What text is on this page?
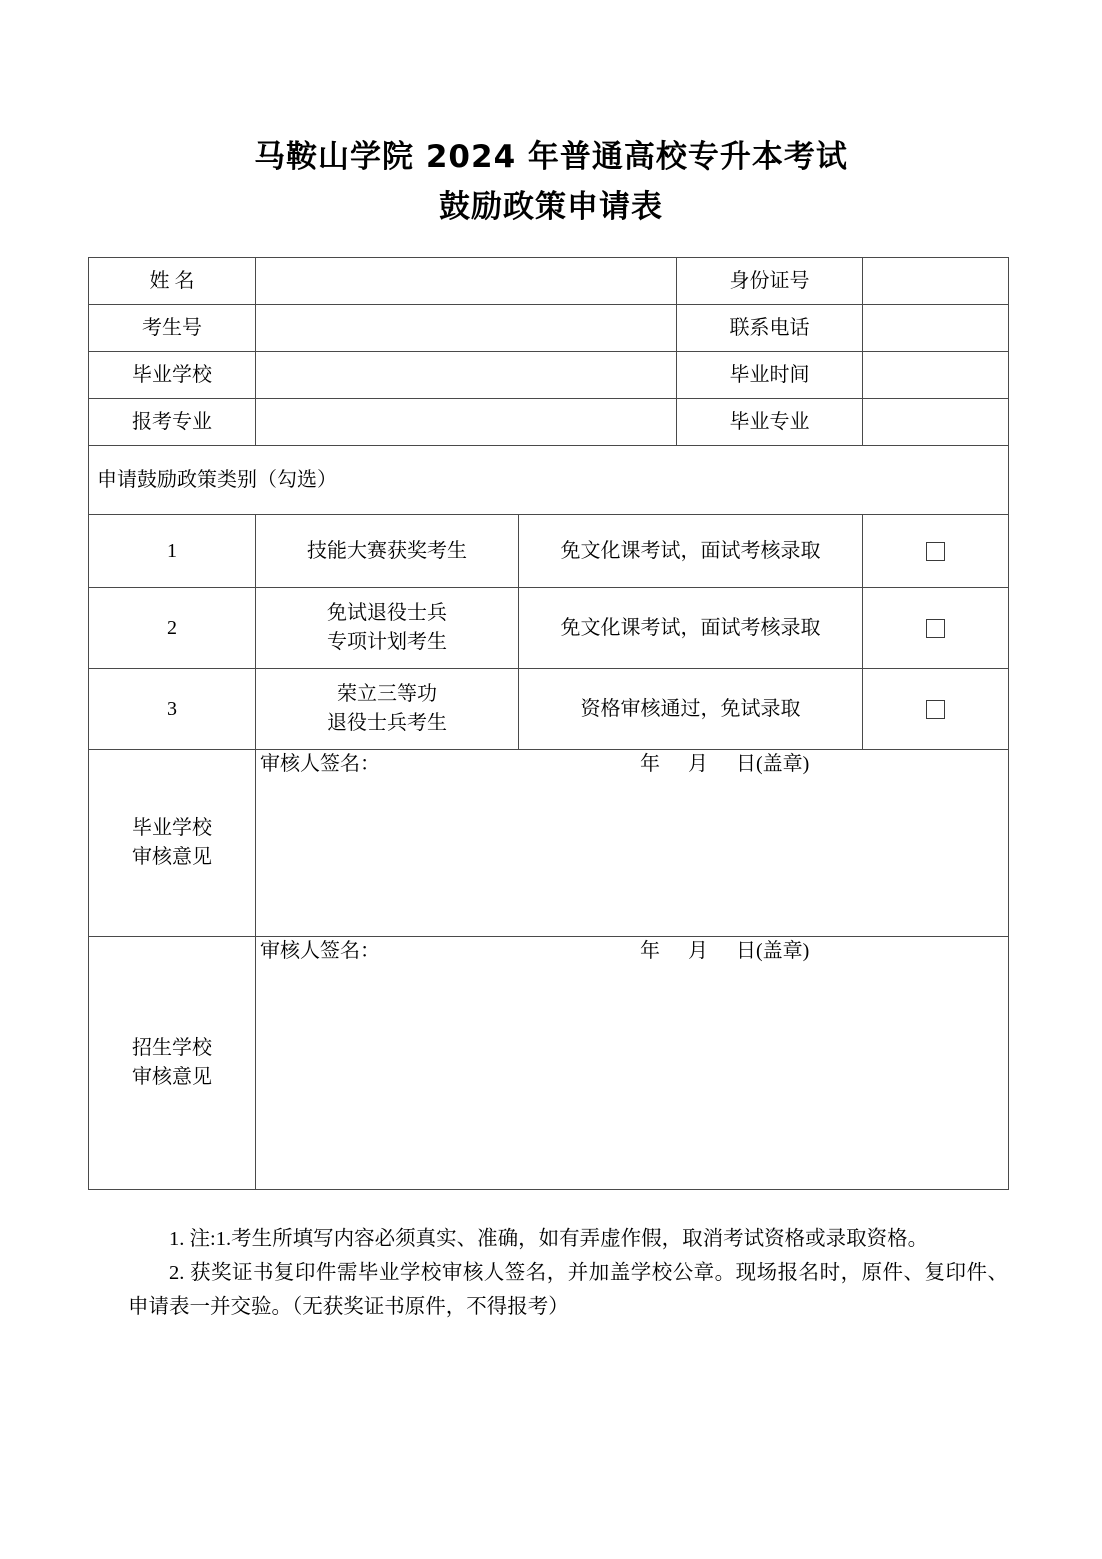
马鞍山学院 2024 年普通高校专升本考试
鼓励政策申请表
姓 名			身份证号	
考生号			联系电话	
毕业学校			毕业时间	
报考专业			毕业专业	
申请鼓励政策类别（勾选）				
1	技能大赛获奖考生	免文化课考试，面试考核录取		
2	免试退役士兵
专项计划考生	免文化课考试，面试考核录取		
3	荣立三等功
退役士兵考生	资格审核通过，免试录取		

毕业学校
审核意见	审核人签名： 年 月 日(盖章)			

招生学校
审核意见	审核人签名： 年 月 日(盖章)			

1. 注:1.考生所填写内容必须真实、准确，如有弄虚作假，取消考试资格或录取资格。

2. 获奖证书复印件需毕业学校审核人签名，并加盖学校公章。现场报名时，原件、复印件、申请表一并交验。（无获奖证书原件，不得报考）
